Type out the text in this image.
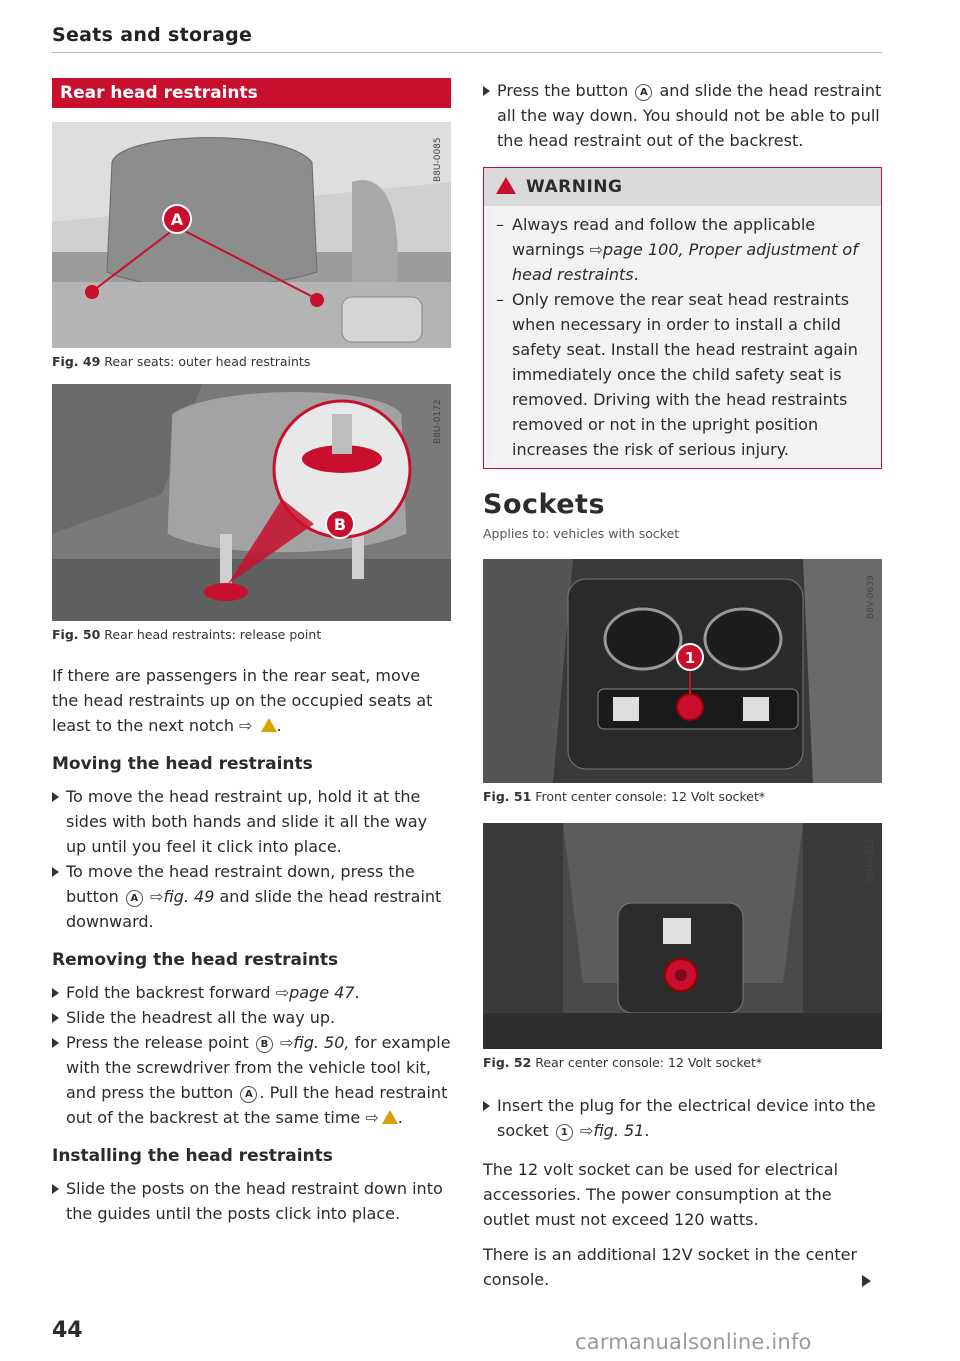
Seats and storage
Rear head restraints
A
B8U-0085
Fig. 49 Rear seats: outer head restraints
B
B8U-0172
Fig. 50 Rear head restraints: release point

If there are passengers in the rear seat, move the head restraints up on the occupied seats at least to the next notch ⇨ .

Moving the head restraints
To move the head restraint up, hold it at the sides with both hands and slide it all the way up until you feel it click into place.
To move the head restraint down, press the button A ⇨fig. 49 and slide the head restraint downward.
Removing the head restraints
Fold the backrest forward ⇨page 47.
Slide the headrest all the way up.
Press the release point B ⇨fig. 50, for example with the screwdriver from the vehicle tool kit, and press the button A . Pull the head restraint out of the backrest at the same time ⇨ .
Installing the head restraints
Slide the posts on the head restraint down into the guides until the posts click into place.
Press the button A and slide the head restraint all the way down. You should not be able to pull the head restraint out of the backrest.
WARNING
– Always read and follow the applicable warnings ⇨page 100, Proper adjustment of head restraints.
– Only remove the rear seat head restraints when necessary in order to install a child safety seat. Install the head restraint again immediately once the child safety seat is removed. Driving with the head restraints removed or not in the upright position increases the risk of serious injury.
Sockets

Applies to: vehicles with socket

1
B8V-0639
Fig. 51 Front center console: 12 Volt socket*
B8U-0312
Fig. 52 Rear center console: 12 Volt socket*
Insert the plug for the electrical device into the socket 1 ⇨fig. 51.

The 12 volt socket can be used for electrical accessories. The power consumption at the outlet must not exceed 120 watts.

There is an additional 12V socket in the center console.

44	carmanualsonline.info
